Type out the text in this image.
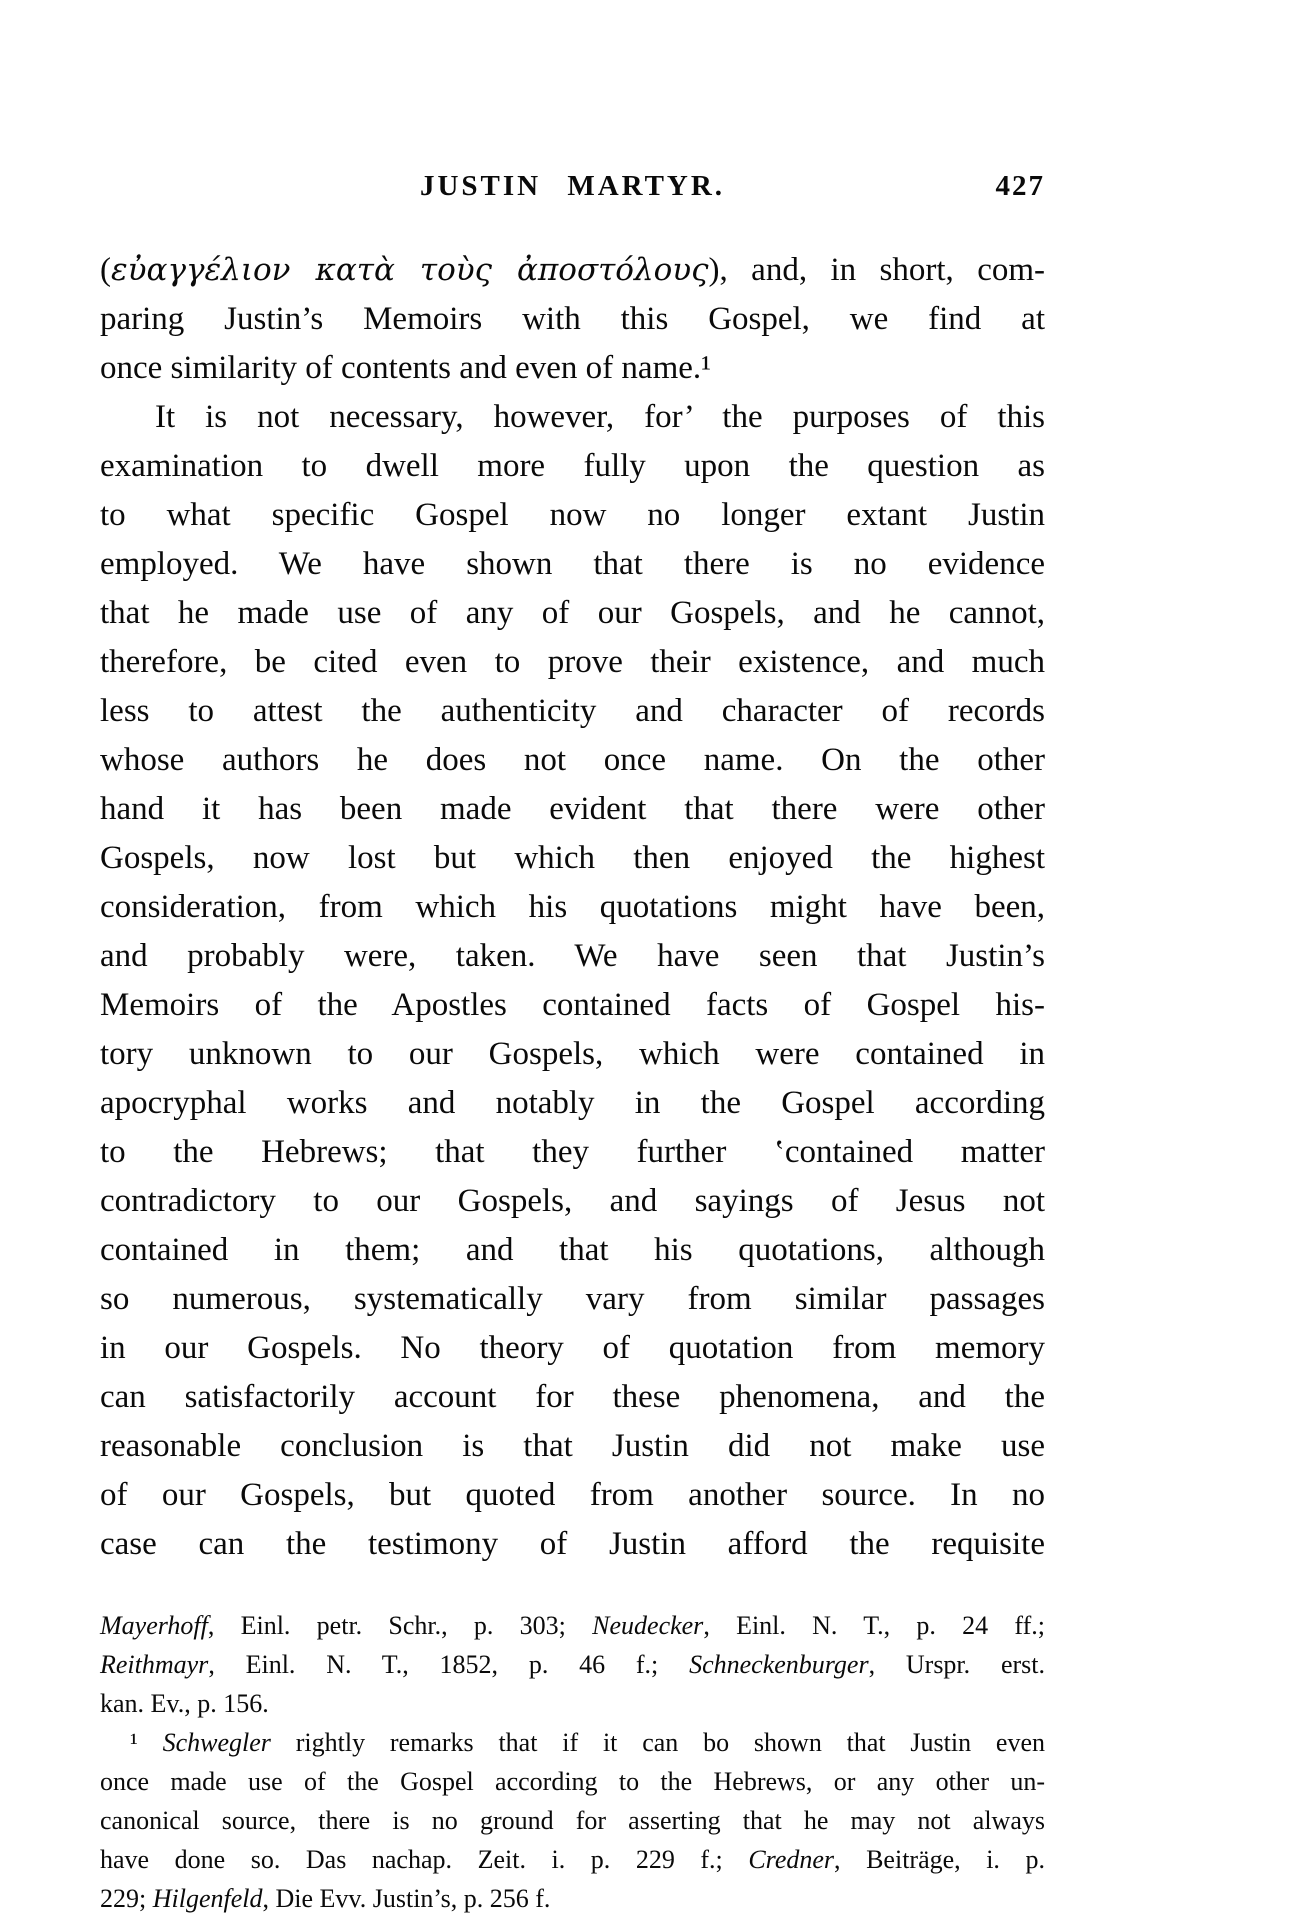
JUSTIN MARTYR.	427
(εὐαγγέλιον κατὰ τοὺς ἀποστόλους), and, in short, com-
paring Justin’s Memoirs with this Gospel, we find at
once similarity of contents and even of name.¹
It is not necessary, however, for’ the purposes of this
examination to dwell more fully upon the question as
to what specific Gospel now no longer extant Justin
employed. We have shown that there is no evidence
that he made use of any of our Gospels, and he cannot,
therefore, be cited even to prove their existence, and much
less to attest the authenticity and character of records
whose authors he does not once name. On the other
hand it has been made evident that there were other
Gospels, now lost but which then enjoyed the highest
consideration, from which his quotations might have been,
and probably were, taken. We have seen that Justin’s
Memoirs of the Apostles contained facts of Gospel his-
tory unknown to our Gospels, which were contained in
apocryphal works and notably in the Gospel according
to the Hebrews; that they further ‛contained matter
contradictory to our Gospels, and sayings of Jesus not
contained in them; and that his quotations, although
so numerous, systematically vary from similar passages
in our Gospels. No theory of quotation from memory
can satisfactorily account for these phenomena, and the
reasonable conclusion is that Justin did not make use
of our Gospels, but quoted from another source. In no
case can the testimony of Justin afford the requisite
Mayerhoff, Einl. petr. Schr., p. 303; Neudecker, Einl. N. T., p. 24 ff.;
Reithmayr, Einl. N. T., 1852, p. 46 f.; Schneckenburger, Urspr. erst.
kan. Ev., p. 156.
¹ Schwegler rightly remarks that if it can bo shown that Justin even
once made use of the Gospel according to the Hebrews, or any other un-
canonical source, there is no ground for asserting that he may not always
have done so. Das nachap. Zeit. i. p. 229 f.; Credner, Beiträge, i. p.
229; Hilgenfeld, Die Evv. Justin’s, p. 256 f.
